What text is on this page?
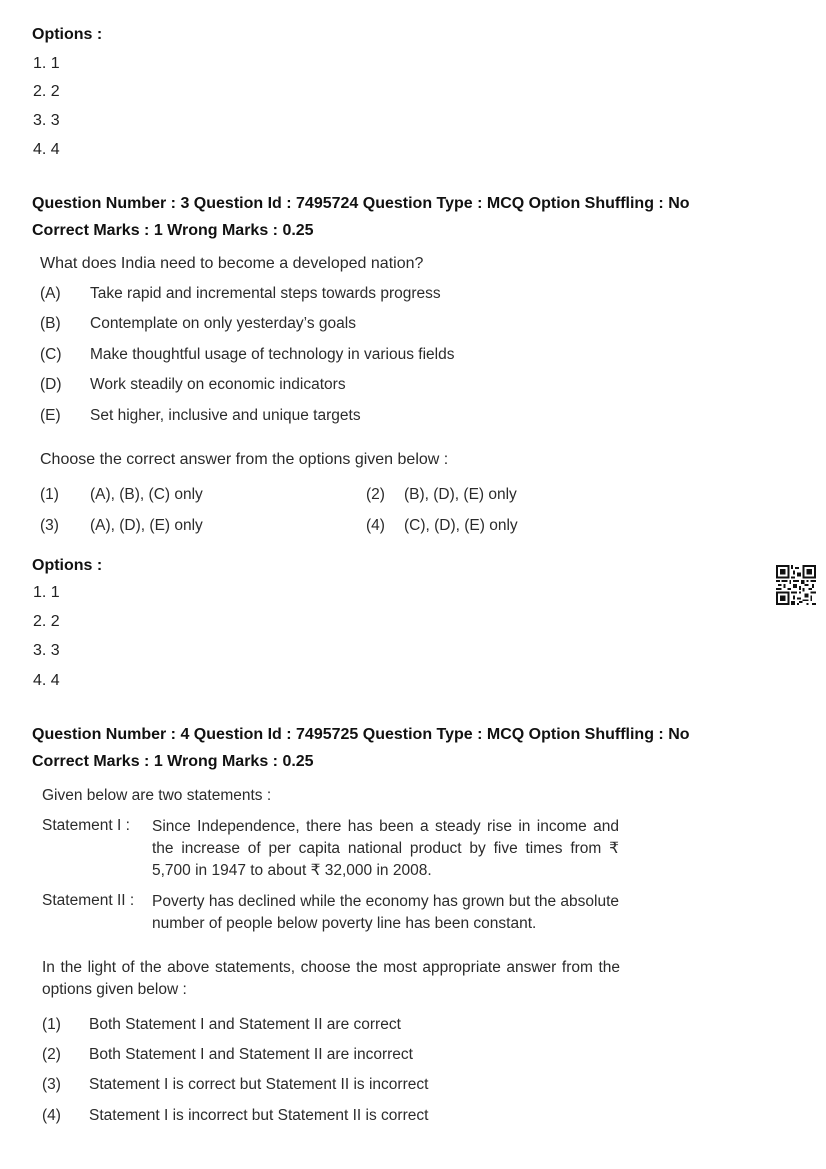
Options :
1. 1
2. 2
3. 3
4. 4
Question Number : 3 Question Id : 7495724 Question Type : MCQ Option Shuffling : No
Correct Marks : 1 Wrong Marks : 0.25
What does India need to become a developed nation?
(A) Take rapid and incremental steps towards progress
(B) Contemplate on only yesterday’s goals
(C) Make thoughtful usage of technology in various fields
(D) Work steadily on economic indicators
(E) Set higher, inclusive and unique targets
Choose the correct answer from the options given below :
(1) (A), (B), (C) only	(2) (B), (D), (E) only
(3) (A), (D), (E) only	(4) (C), (D), (E) only
Options :
1. 1
2. 2
3. 3
4. 4
Question Number : 4 Question Id : 7495725 Question Type : MCQ Option Shuffling : No
Correct Marks : 1 Wrong Marks : 0.25
Given below are two statements :
Statement I : Since Independence, there has been a steady rise in income and the increase of per capita national product by five times from ₹ 5,700 in 1947 to about ₹ 32,000 in 2008.
Statement II : Poverty has declined while the economy has grown but the absolute number of people below poverty line has been constant.
In the light of the above statements, choose the most appropriate answer from the options given below :
(1) Both Statement I and Statement II are correct
(2) Both Statement I and Statement II are incorrect
(3) Statement I is correct but Statement II is incorrect
(4) Statement I is incorrect but Statement II is correct
